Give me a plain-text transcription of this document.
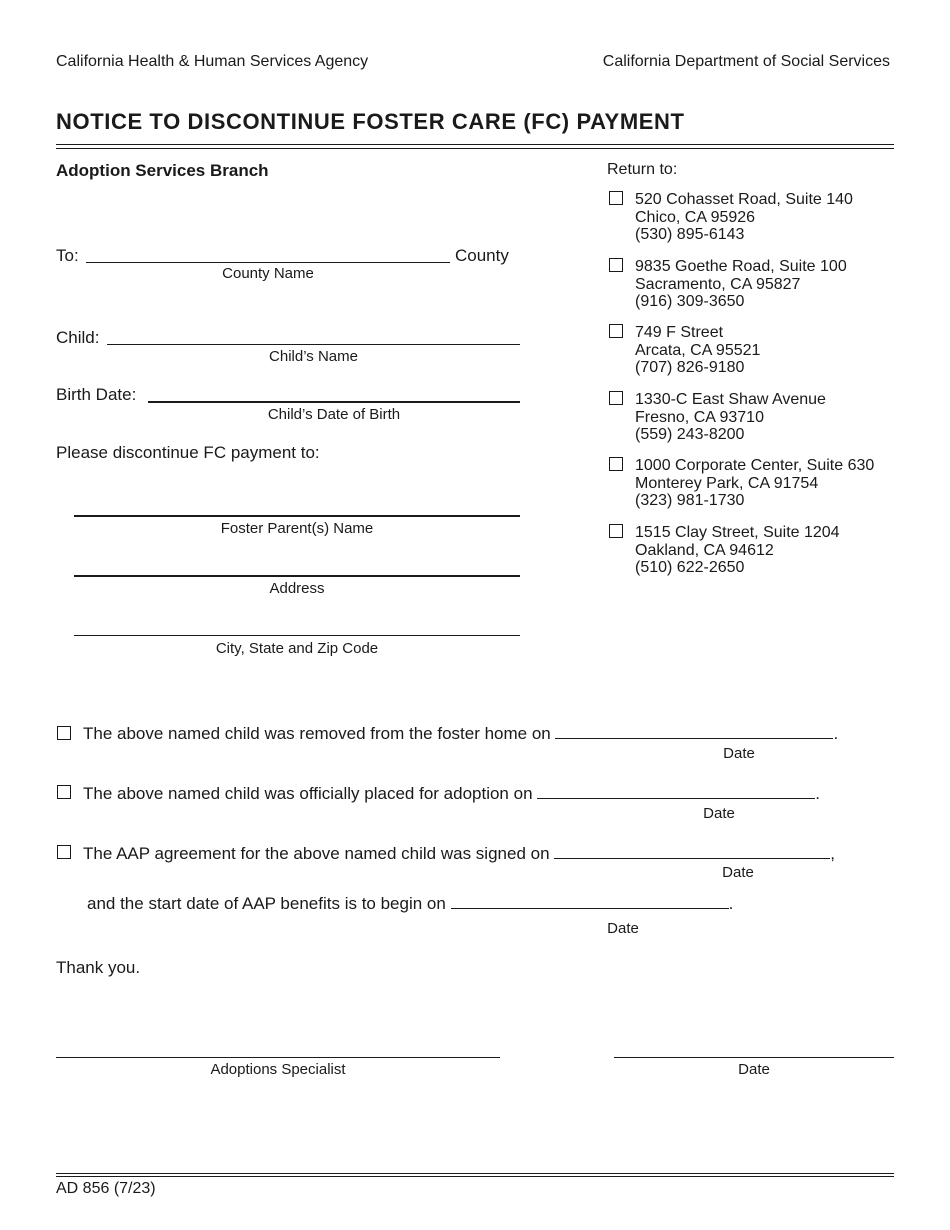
California Health & Human Services Agency	California Department of Social Services
NOTICE TO DISCONTINUE FOSTER CARE (FC) PAYMENT
Adoption Services Branch
To:	County
County Name
Child:
Child’s Name
Birth Date:
Child’s Date of Birth
Please discontinue FC payment to:
Foster Parent(s) Name
Address
City, State and Zip Code
Return to:
520 Cohasset Road, Suite 140
Chico, CA 95926
(530) 895-6143
9835 Goethe Road, Suite 100
Sacramento, CA 95827
(916) 309-3650
749 F Street
Arcata, CA 95521
(707) 826-9180
1330-C East Shaw Avenue
Fresno, CA 93710
(559) 243-8200
1000 Corporate Center, Suite 630
Monterey Park, CA 91754
(323) 981-1730
1515 Clay Street, Suite 1204
Oakland, CA 94612
(510) 622-2650
The above named child was removed from the foster home on	.
Date
The above named child was officially placed for adoption on	.
Date
The AAP agreement for the above named child was signed on	,
Date
and the start date of AAP benefits is to begin on	.
Date
Thank you.
Adoptions Specialist	Date
AD 856 (7/23)
